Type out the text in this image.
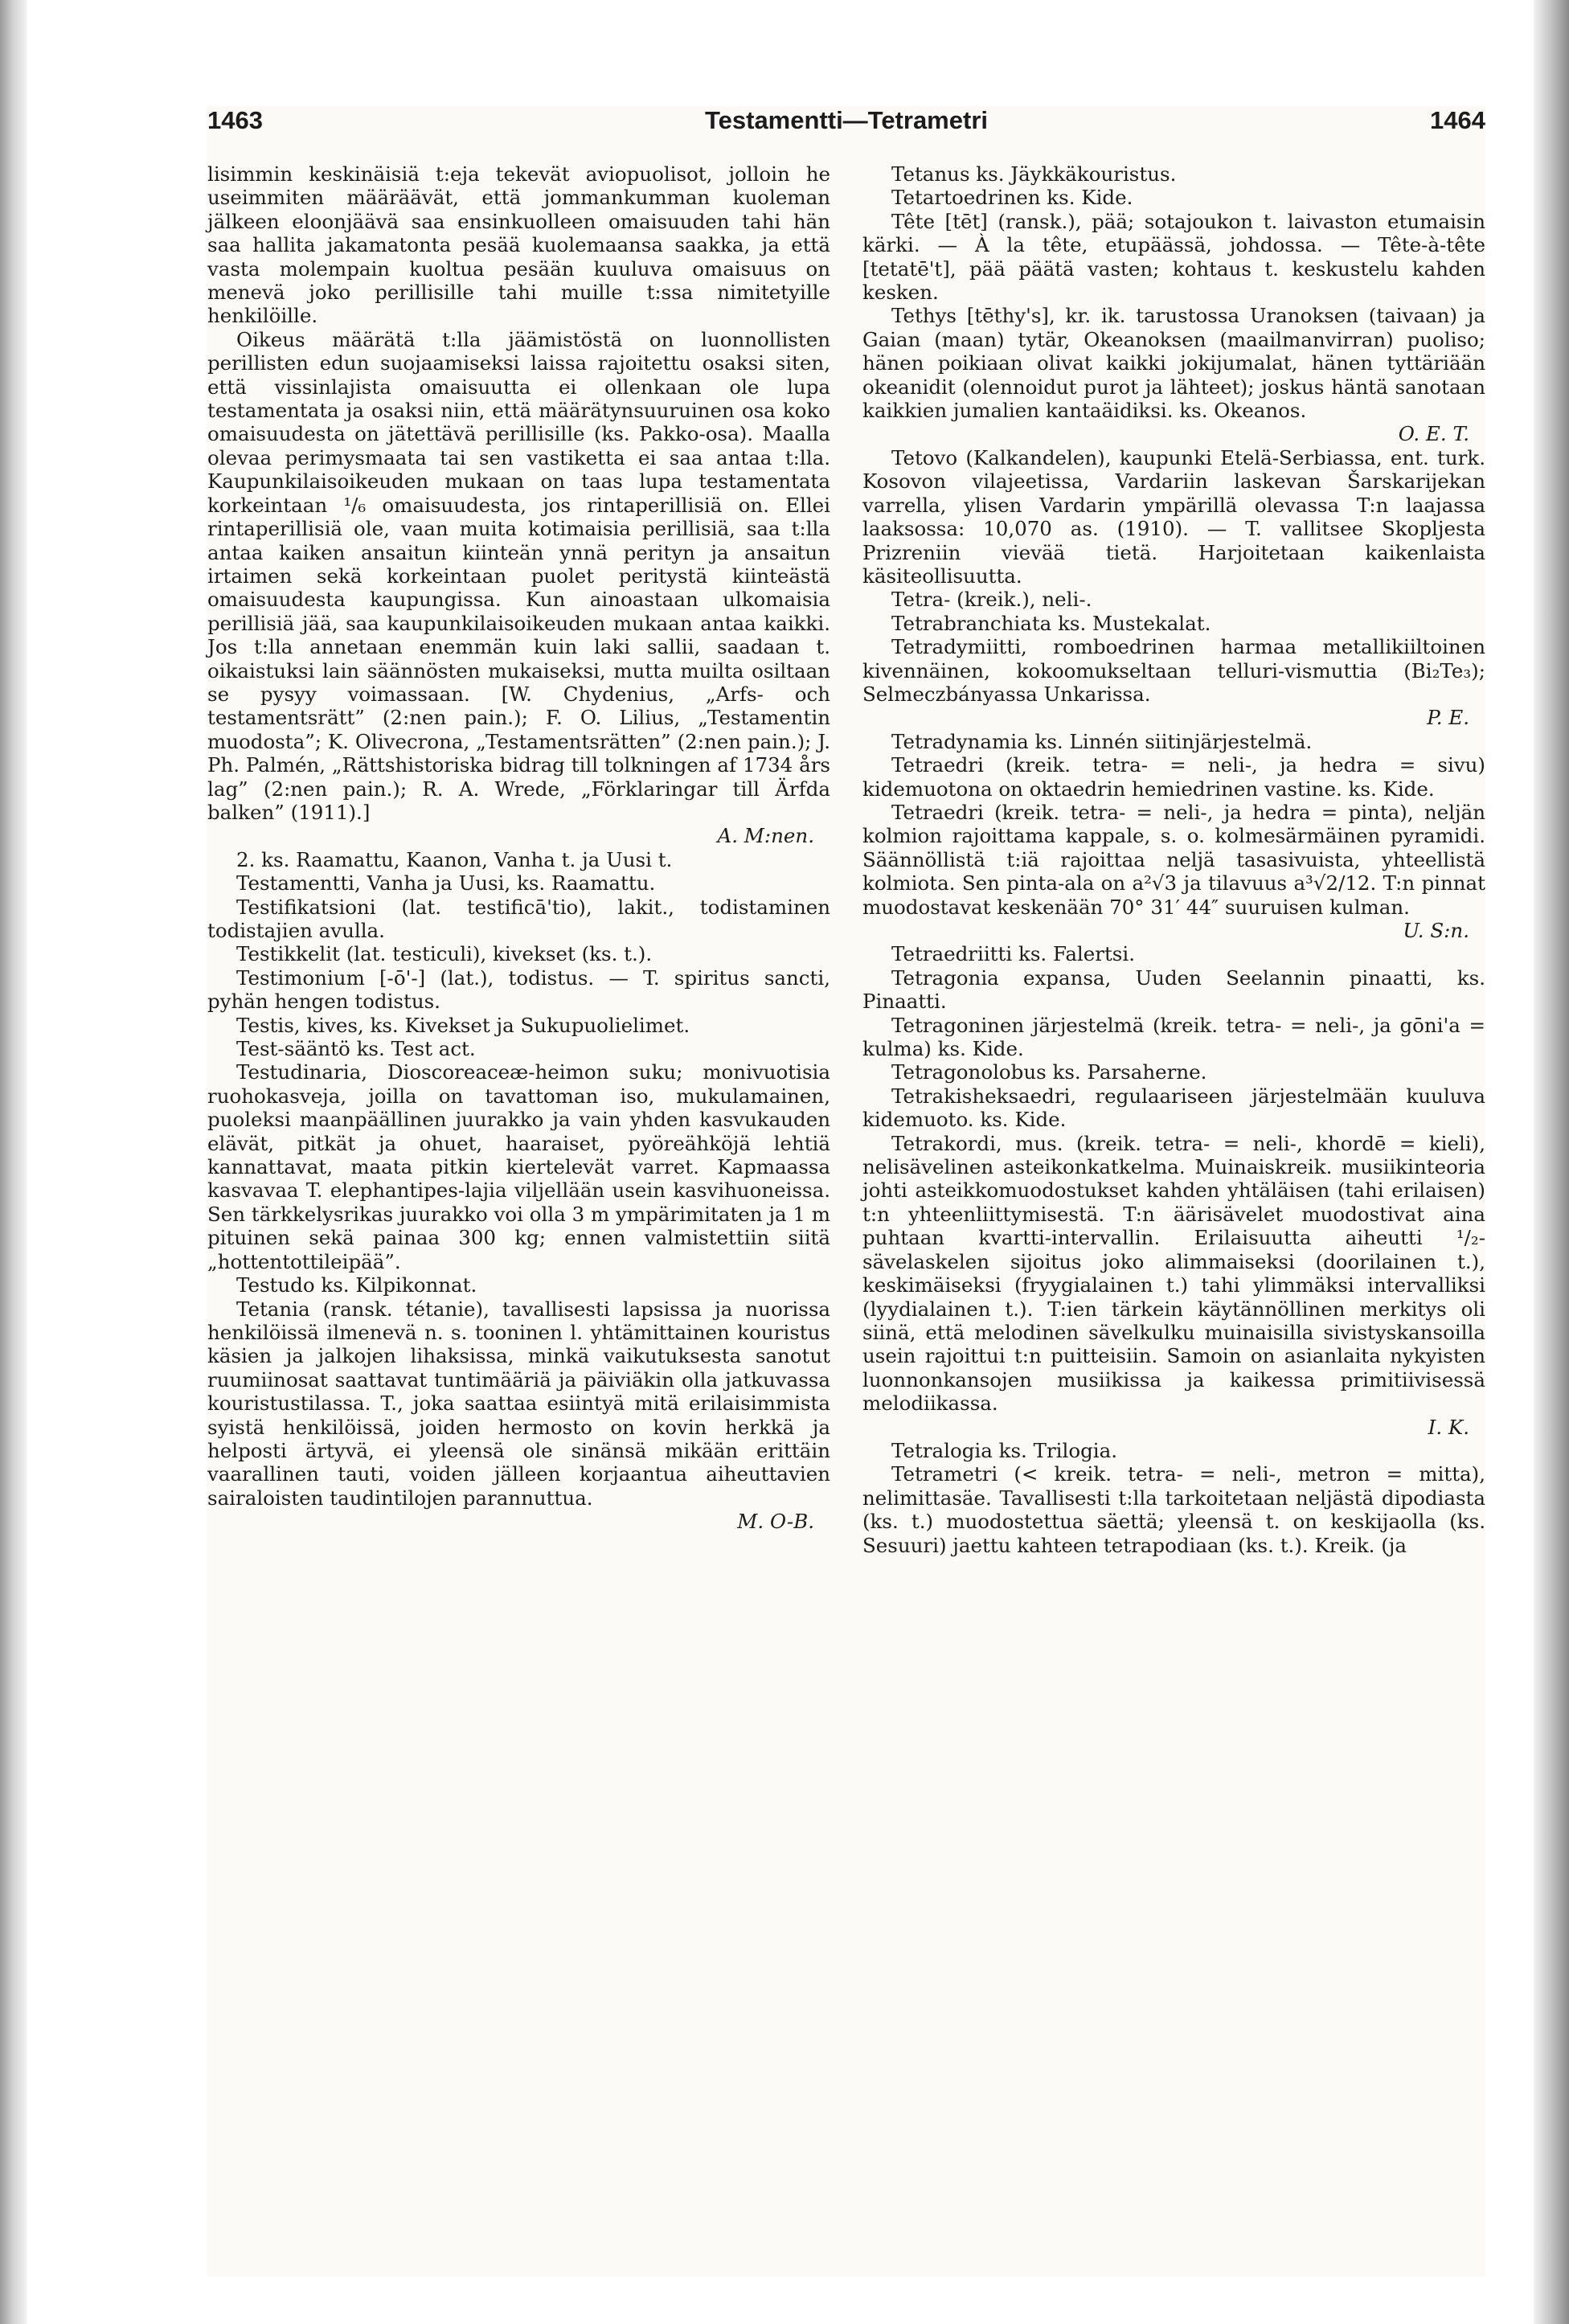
1463	Testamentti—Tetrametri	1464

lisimmin keskinäisiä t:eja tekevät aviopuolisot, jolloin he useimmiten määräävät, että jommankumman kuoleman jälkeen eloonjäävä saa ensinkuolleen omaisuuden tahi hän saa hallita jakamatonta pesää kuolemaansa saakka, ja että vasta molempain kuoltua pesään kuuluva omaisuus on menevä joko perillisille tahi muille t:ssa nimitetyille henkilöille.

Oikeus määrätä t:lla jäämistöstä on luonnollisten perillisten edun suojaamiseksi laissa rajoitettu osaksi siten, että vissinlajista omaisuutta ei ollenkaan ole lupa testamentata ja osaksi niin, että määrätynsuuruinen osa koko omaisuudesta on jätettävä perillisille (ks. Pakko-osa). Maalla olevaa perimysmaata tai sen vastiketta ei saa antaa t:lla. Kaupunkilaisoikeuden mukaan on taas lupa testamentata korkeintaan ¹/₆ omaisuudesta, jos rintaperillisiä on. Ellei rintaperillisiä ole, vaan muita kotimaisia perillisiä, saa t:lla antaa kaiken ansaitun kiinteän ynnä perityn ja ansaitun irtaimen sekä korkeintaan puolet peritystä kiinteästä omaisuudesta kaupungissa. Kun ainoastaan ulkomaisia perillisiä jää, saa kaupunkilaisoikeuden mukaan antaa kaikki. Jos t:lla annetaan enemmän kuin laki sallii, saadaan t. oikaistuksi lain säännösten mukaiseksi, mutta muilta osiltaan se pysyy voimassaan. [W. Chydenius, „Arfs- och testamentsrätt” (2:nen pain.); F. O. Lilius, „Testamentin muodosta”; K. Olivecrona, „Testamentsrätten” (2:nen pain.); J. Ph. Palmén, „Rättshistoriska bidrag till tolkningen af 1734 års lag” (2:nen pain.); R. A. Wrede, „Förklaringar till Ärfda balken” (1911).]

A. M:nen.

2. ks. Raamattu, Kaanon, Vanha t. ja Uusi t.

Testamentti, Vanha ja Uusi, ks. Raamattu.

Testifikatsioni (lat. testificā'tio), lakit., todistaminen todistajien avulla.

Testikkelit (lat. testiculi), kivekset (ks. t.).

Testimonium [-ō'-] (lat.), todistus. — T. spiritus sancti, pyhän hengen todistus.

Testis, kives, ks. Kivekset ja Sukupuolielimet.

Test-sääntö ks. Test act.

Testudinaria, Dioscoreaceæ-heimon suku; monivuotisia ruohokasveja, joilla on tavattoman iso, mukulamainen, puoleksi maanpäällinen juurakko ja vain yhden kasvukauden elävät, pitkät ja ohuet, haaraiset, pyöreähköjä lehtiä kannattavat, maata pitkin kiertelevät varret. Kapmaassa kasvavaa T. elephantipes-lajia viljellään usein kasvihuoneissa. Sen tärkkelysrikas juurakko voi olla 3 m ympärimitaten ja 1 m pituinen sekä painaa 300 kg; ennen valmistettiin siitä „hottentottileipää”.

Testudo ks. Kilpikonnat.

Tetania (ransk. tétanie), tavallisesti lapsissa ja nuorissa henkilöissä ilmenevä n. s. tooninen l. yhtämittainen kouristus käsien ja jalkojen lihaksissa, minkä vaikutuksesta sanotut ruumiinosat saattavat tuntimääriä ja päiviäkin olla jatkuvassa kouristustilassa. T., joka saattaa esiintyä mitä erilaisimmista syistä henkilöissä, joiden hermosto on kovin herkkä ja helposti ärtyvä, ei yleensä ole sinänsä mikään erittäin vaarallinen tauti, voiden jälleen korjaantua aiheuttavien sairaloisten taudintilojen parannuttua.

M. O-B.

Tetanus ks. Jäykkäkouristus.

Tetartoedrinen ks. Kide.

Tête [tēt] (ransk.), pää; sotajoukon t. laivaston etumaisin kärki. — À la tête, etupäässä, johdossa. — Tête-à-tête [tetatē't], pää päätä vasten; kohtaus t. keskustelu kahden kesken.

Tethys [tēthy's], kr. ik. tarustossa Uranoksen (taivaan) ja Gaian (maan) tytär, Okeanoksen (maailmanvirran) puoliso; hänen poikiaan olivat kaikki jokijumalat, hänen tyttäriään okeanidit (olennoidut purot ja lähteet); joskus häntä sanotaan kaikkien jumalien kantaäidiksi. ks. Okeanos.

O. E. T.

Tetovo (Kalkandelen), kaupunki Etelä-Serbiassa, ent. turk. Kosovon vilajeetissa, Vardariin laskevan Šarskarijekan varrella, ylisen Vardarin ympärillä olevassa T:n laajassa laaksossa: 10,070 as. (1910). — T. vallitsee Skopljesta Prizreniin vievää tietä. Harjoitetaan kaikenlaista käsiteollisuutta.

Tetra- (kreik.), neli-.

Tetrabranchiata ks. Mustekalat.

Tetradymiitti, romboedrinen harmaa metallikiiltoinen kivennäinen, kokoomukseltaan telluri-vismuttia (Bi₂Te₃); Selmeczbányassa Unkarissa.

P. E.

Tetradynamia ks. Linnén siitinjärjestelmä.

Tetraedri (kreik. tetra- = neli-, ja hedra = sivu) kidemuotona on oktaedrin hemiedrinen vastine. ks. Kide.

Tetraedri (kreik. tetra- = neli-, ja hedra = pinta), neljän kolmion rajoittama kappale, s. o. kolmesärmäinen pyramidi. Säännöllistä t:iä rajoittaa neljä tasasivuista, yhteellistä kolmiota. Sen pinta-ala on a²√3 ja tilavuus a³√2/12. T:n pinnat muodostavat keskenään 70° 31′ 44″ suuruisen kulman.

U. S:n.

Tetraedriitti ks. Falertsi.

Tetragonia expansa, Uuden Seelannin pinaatti, ks. Pinaatti.

Tetragoninen järjestelmä (kreik. tetra- = neli-, ja gōni'a = kulma) ks. Kide.

Tetragonolobus ks. Parsaherne.

Tetrakisheksaedri, regulaariseen järjestelmään kuuluva kidemuoto. ks. Kide.

Tetrakordi, mus. (kreik. tetra- = neli-, khordē = kieli), nelisävelinen asteikonkatkelma. Muinaiskreik. musiikinteoria johti asteikkomuodostukset kahden yhtäläisen (tahi erilaisen) t:n yhteenliittymisestä. T:n äärisävelet muodostivat aina puhtaan kvartti-intervallin. Erilaisuutta aiheutti ¹/₂-sävelaskelen sijoitus joko alimmaiseksi (doorilainen t.), keskimäiseksi (fryygialainen t.) tahi ylimmäksi intervalliksi (lyydialainen t.). T:ien tärkein käytännöllinen merkitys oli siinä, että melodinen sävelkulku muinaisilla sivistyskansoilla usein rajoittui t:n puitteisiin. Samoin on asianlaita nykyisten luonnonkansojen musiikissa ja kaikessa primitiivisessä melodiikassa.

I. K.

Tetralogia ks. Trilogia.

Tetrametri (< kreik. tetra- = neli-, metron = mitta), nelimittasäe. Tavallisesti t:lla tarkoitetaan neljästä dipodiasta (ks. t.) muodostettua säettä; yleensä t. on keskijaolla (ks. Sesuuri) jaettu kahteen tetrapodiaan (ks. t.). Kreik. (ja
